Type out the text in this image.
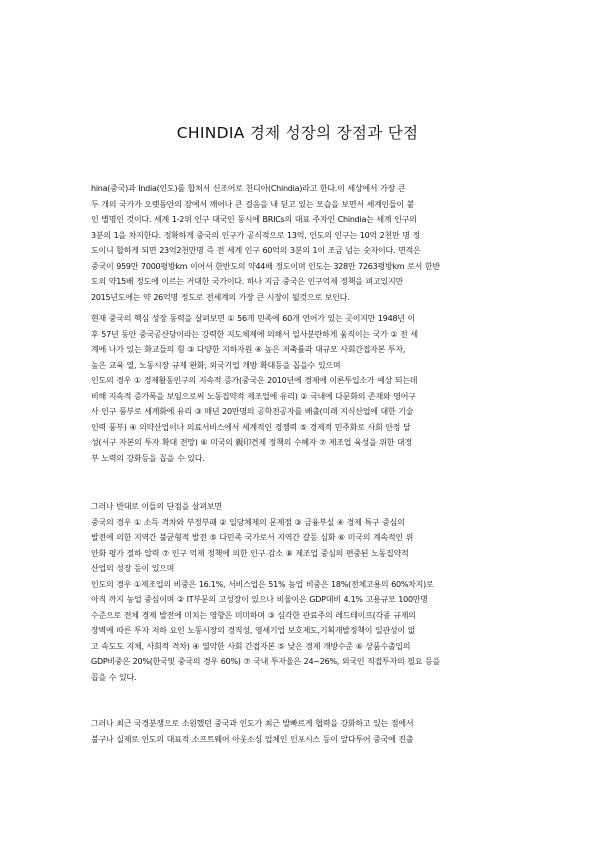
CHINDIA 경제 성장의 장점과 단점
hina(중국)과 India(인도)를 합쳐서 신조어로 친디아(Chindia)라고 한다.이 세상에서 가장 큰
두 개의 국가가 오랫동안의 잠에서 깨어나 큰 걸음을 내 딛고 있는 모습을 보면서 세계인들이 붙
인 별명인 것이다. 세계 1-2위 인구 대국인 동시에 BRICs의 대표 주자인 Chindia는 세계 인구의
3분의 1을 차지한다. 정확하게 중국의 인구가 공식적으로 13억, 인도의 인구는 10억 2천만 명 정
도이니 합하게 되면 23억2천만명 즉 전 세계 인구 60억의 3분의 1이 조금 넘는 숫자이다. 면적은
중국이 959만 7000평방km 이어서 한반도의 약44배 정도이며 인도는 328만 7263평방km 로서 한반
도의 약15배 정도에 이르는 거대한 국가이다. 하나 지금 중국은 인구억제 정책을 펴고있지만
2015년도에는 약 26억명 정도로 전세계의 가장 큰 시장이 될것으로 보인다.
현재 중국의 핵심 성장 동력을 살펴보면 ① 56개 민족에 60개 언어가 있는 곳이지만 1948년 이
후 57년 동안 중국공산당이라는 강력한 지도체제에 의해서 일사분란하게 움직이는 국가 ② 전 세
계에 나가 있는 화교들의 힘 ③ 다양한 지하자원 ④ 높은 저축률과 대규모 사회간접자본 투자,
높은 교육 열, 노동시장 규제 완화, 외국기업 개방 확대등을 꼽을수 있으며
인도의 경우 ① 경제활동인구의 지속적 증가(중국은 2010년에 경제에 이론투입소가 예상 되는데
비해 지속적 증가폭을 보임으로써 노동집약적 제조업에 유리) ② 국내에 다문화의 존재와 영어구
사 인구 풍부로 세계화에 유리 ③ 매년 20만명의 공학전공자를 배출(미래 지식산업에 대한 기술
인력 풍부) ④ 의약산업이나 의료서비스에서 세계적인 경쟁력 ⑤ 경제적 민주화로 사회 안정 달
성(서구 자본의 투자 확대 전망) ⑥ 미국의 親印견제 정책의 수혜자 ⑦ 제조업 육성을 위한 대정
부 노력의 강화등을 꼽을 수 있다.
그러나 반대로 이들의 단점을 살펴보면
중국의 경우 ① 소득 격차와 부정부패 ② 일당체제의 문제점 ③ 금융부실 ④ 경제 특구 중심의
발전에 의한 지역간 불균형적 발전 ⑤ 다민족 국가로서 지역간 갈등 심화 ⑥ 미국의 계속적인 위
안화 평가 절하 압력 ⑦ 인구 억제 정책에 의한 인구 감소 ⑧ 제조업 중심의 편중된 노동집약적
산업의 성장 등이 있으며
인도의 경우 ①제조업의 비중은 16.1%, 서비스업은 51% 농업 비중은 18%(전체고용의 60%차지)로
아직 까지 농업 중심이며 ② IT부문의 고성장이 있으나 비율이은 GDP대비 4.1% 고용규모 100만명
수준으로 전체 경제 발전에 미치는 영향은 미미하며 ③ 심각한 관료주의 레드테이프(각종 규제의
장벽에 따른 투자 저하 요인 노동시장의 경직성, 영세기업 보호제도,기획개발정책이 일관성이 없
고 속도도 지체, 사회적 격차) ④ 열악한 사회 간접자본 ⑤ 낮은 경제 개방수준 ⑥ 상품수출입의
GDP비중은 20%(한국및 중국의 경우 60%) ⑦ 국내 투자율은 24~26%, 외국인 직접투자의 필요 등을
꼽을 수 있다.
그러나 최근 국경분쟁으로 소원했던 중국과 인도가 최근 발빠르게 협력을 강화하고 있는 점에서
불구나 실제로 인도의 대표적 소프트웨어 아웃소싱 업체인 인포시스 등이 앞다투어 중국에 진출
